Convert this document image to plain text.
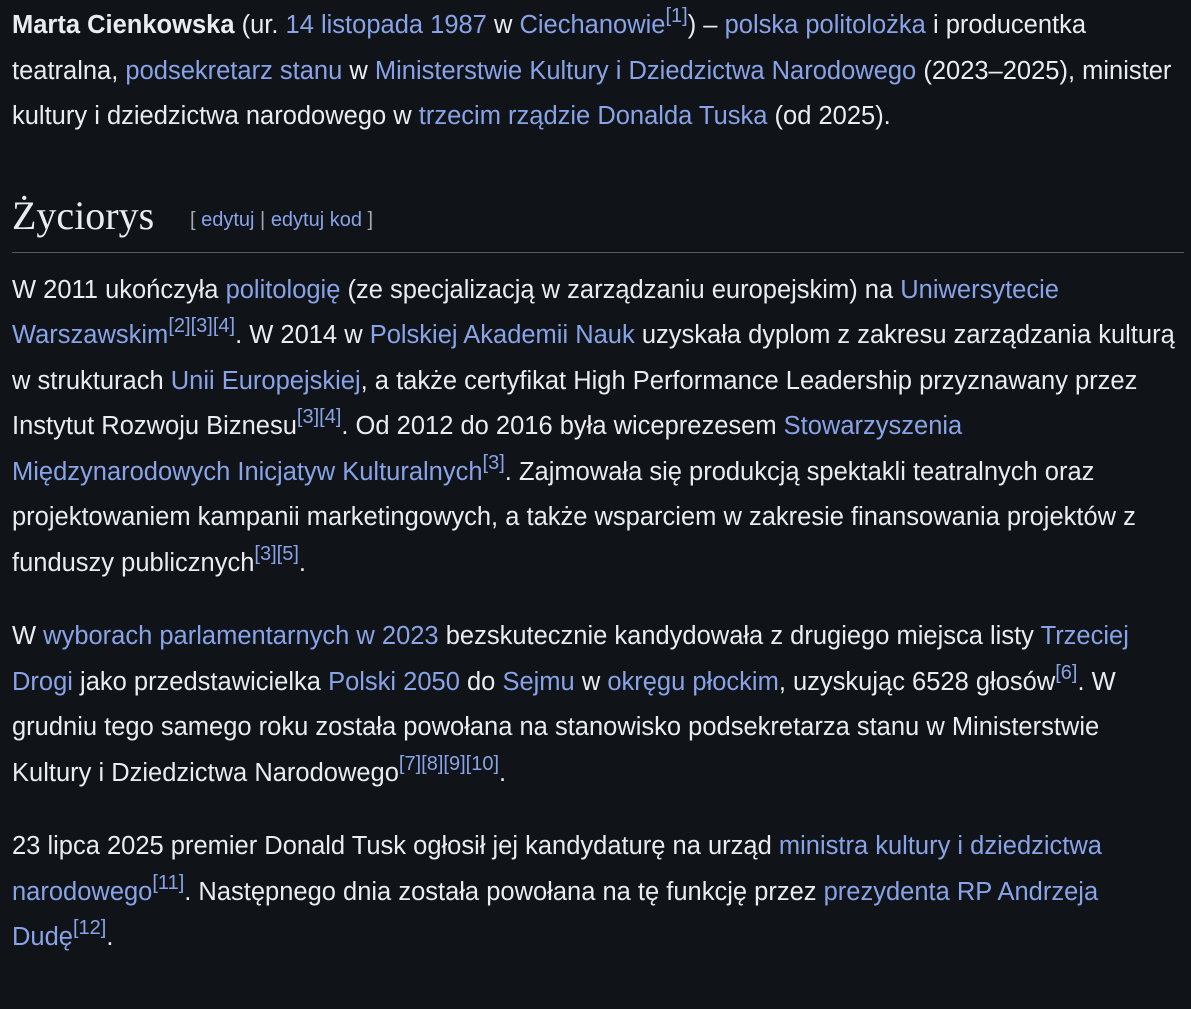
Marta Cienkowska (ur. 14 listopada 1987 w Ciechanowie[1]) – polska politolożka i producentka teatralna, podsekretarz stanu w Ministerstwie Kultury i Dziedzictwa Narodowego (2023–2025), minister kultury i dziedzictwa narodowego w trzecim rządzie Donalda Tuska (od 2025).

Życiorys [ edytuj | edytuj kod ]

W 2011 ukończyła politologię (ze specjalizacją w zarządzaniu europejskim) na Uniwersytecie Warszawskim[2][3][4]. W 2014 w Polskiej Akademii Nauk uzyskała dyplom z zakresu zarządzania kulturą w strukturach Unii Europejskiej, a także certyfikat High Performance Leadership przyznawany przez Instytut Rozwoju Biznesu[3][4]. Od 2012 do 2016 była wiceprezesem Stowarzyszenia Międzynarodowych Inicjatyw Kulturalnych[3]. Zajmowała się produkcją spektakli teatralnych oraz projektowaniem kampanii marketingowych, a także wsparciem w zakresie finansowania projektów z funduszy publicznych[3][5].

W wyborach parlamentarnych w 2023 bezskutecznie kandydowała z drugiego miejsca listy Trzeciej Drogi jako przedstawicielka Polski 2050 do Sejmu w okręgu płockim, uzyskując 6528 głosów[6]. W grudniu tego samego roku została powołana na stanowisko podsekretarza stanu w Ministerstwie Kultury i Dziedzictwa Narodowego[7][8][9][10].

23 lipca 2025 premier Donald Tusk ogłosił jej kandydaturę na urząd ministra kultury i dziedzictwa narodowego[11]. Następnego dnia została powołana na tę funkcję przez prezydenta RP Andrzeja Dudę[12].
